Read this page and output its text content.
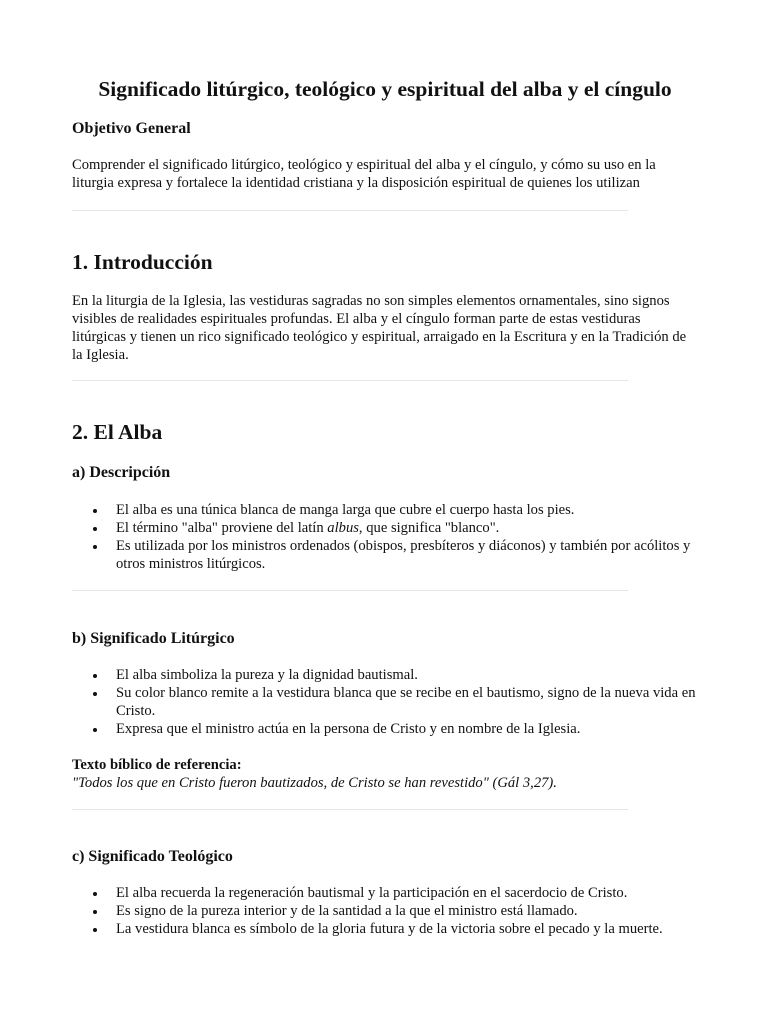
Significado litúrgico, teológico y espiritual del alba y el cíngulo
Objetivo General

Comprender el significado litúrgico, teológico y espiritual del alba y el cíngulo, y cómo su uso en la liturgia expresa y fortalece la identidad cristiana y la disposición espiritual de quienes los utilizan

1. Introducción

En la liturgia de la Iglesia, las vestiduras sagradas no son simples elementos ornamentales, sino signos visibles de realidades espirituales profundas. El alba y el cíngulo forman parte de estas vestiduras litúrgicas y tienen un rico significado teológico y espiritual, arraigado en la Escritura y en la Tradición de la Iglesia.

2. El Alba
a) Descripción
El alba es una túnica blanca de manga larga que cubre el cuerpo hasta los pies.
El término "alba" proviene del latín albus, que significa "blanco".
Es utilizada por los ministros ordenados (obispos, presbíteros y diáconos) y también por acólitos y otros ministros litúrgicos.
b) Significado Litúrgico
El alba simboliza la pureza y la dignidad bautismal.
Su color blanco remite a la vestidura blanca que se recibe en el bautismo, signo de la nueva vida en Cristo.
Expresa que el ministro actúa en la persona de Cristo y en nombre de la Iglesia.
Texto bíblico de referencia:
"Todos los que en Cristo fueron bautizados, de Cristo se han revestido" (Gál 3,27).
c) Significado Teológico
El alba recuerda la regeneración bautismal y la participación en el sacerdocio de Cristo.
Es signo de la pureza interior y de la santidad a la que el ministro está llamado.
La vestidura blanca es símbolo de la gloria futura y de la victoria sobre el pecado y la muerte.
